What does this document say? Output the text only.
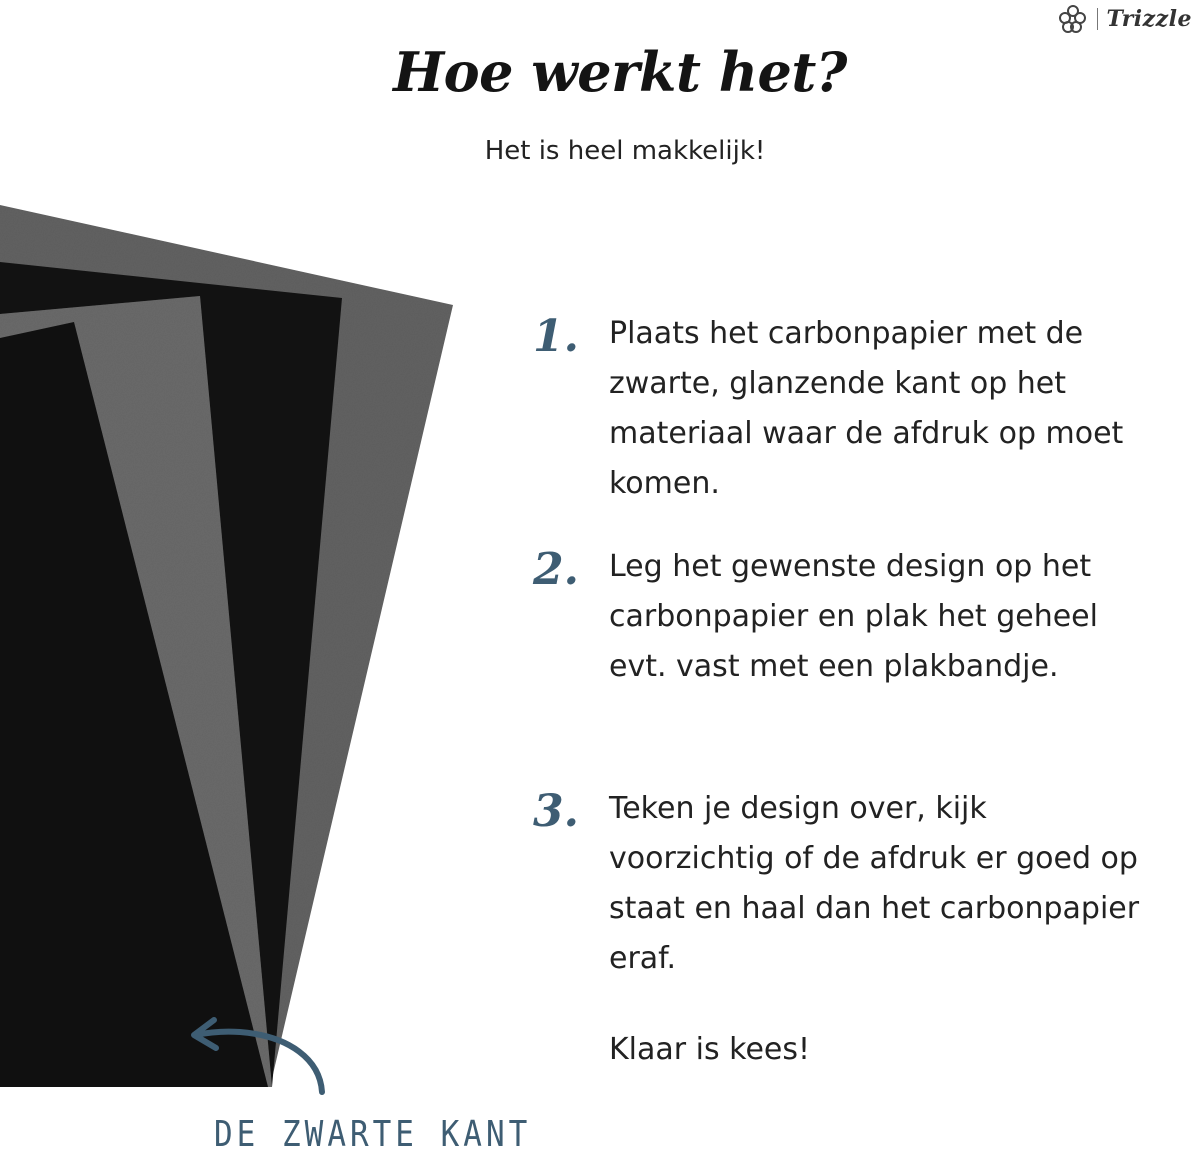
Trizzle
Hoe werkt het?
Het is heel makkelijk!
DE ZWARTE KANT
1.	Plaats het carbonpapier met de zwarte, glanzende kant op het materiaal waar de afdruk op moet komen.

2.	Leg het gewenste design op het carbonpapier en plak het geheel evt. vast met een plakbandje.

3.	Teken je design over, kijk voorzichtig of de afdruk er goed op staat en haal dan het carbonpapier eraf.

Klaar is kees!
